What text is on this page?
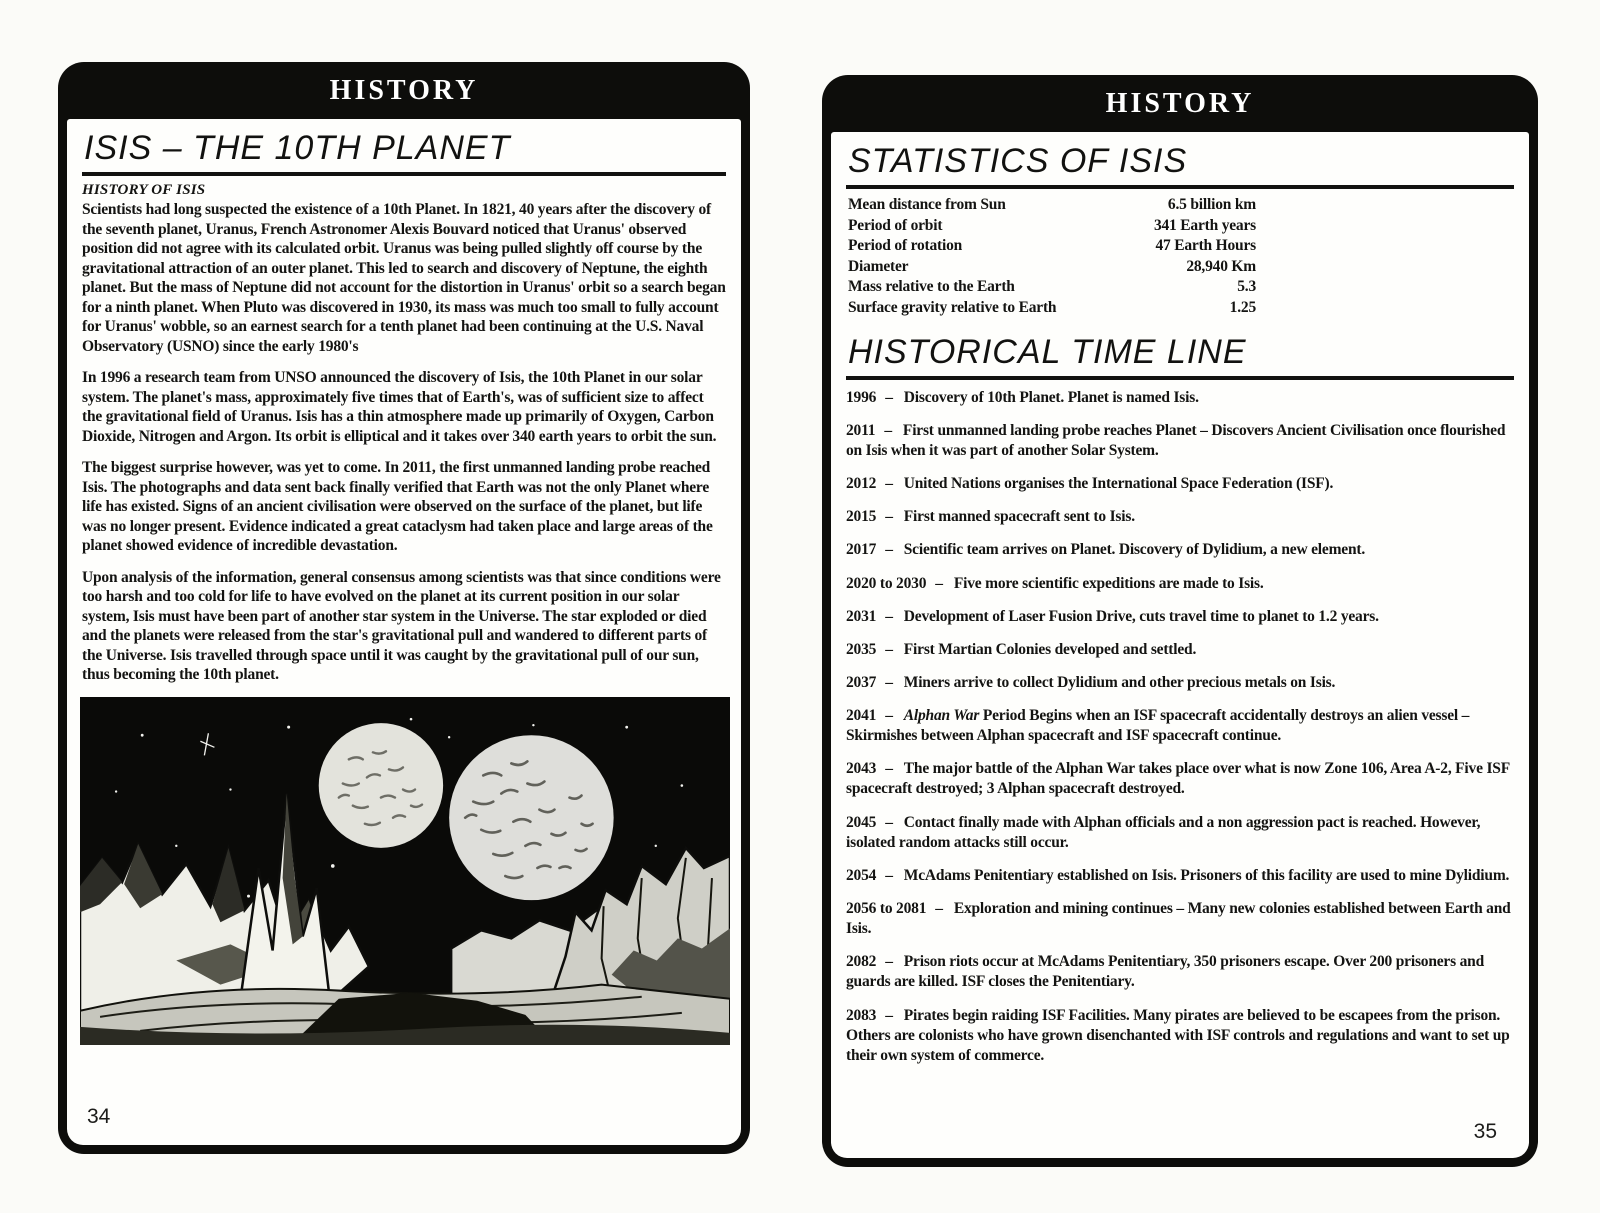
HISTORY
ISIS – THE 10TH PLANET
HISTORY OF ISIS

Scientists had long suspected the existence of a 10th Planet. In 1821, 40 years after the discovery of the seventh planet, Uranus, French Astronomer Alexis Bouvard noticed that Uranus' observed position did not agree with its calculated orbit. Uranus was being pulled slightly off course by the gravitational attraction of an outer planet. This led to search and discovery of Neptune, the eighth planet. But the mass of Neptune did not account for the distortion in Uranus' orbit so a search began for a ninth planet. When Pluto was discovered in 1930, its mass was much too small to fully account for Uranus' wobble, so an earnest search for a tenth planet had been continuing at the U.S. Naval Observatory (USNO) since the early 1980's

In 1996 a research team from UNSO announced the discovery of Isis, the 10th Planet in our solar system. The planet's mass, approximately five times that of Earth's, was of sufficient size to affect the gravitational field of Uranus. Isis has a thin atmosphere made up primarily of Oxygen, Carbon Dioxide, Nitrogen and Argon. Its orbit is elliptical and it takes over 340 earth years to orbit the sun.

The biggest surprise however, was yet to come. In 2011, the first unmanned landing probe reached Isis. The photographs and data sent back finally verified that Earth was not the only Planet where life has existed. Signs of an ancient civilisation were observed on the surface of the planet, but life was no longer present. Evidence indicated a great cataclysm had taken place and large areas of the planet showed evidence of incredible devastation.

Upon analysis of the information, general consensus among scientists was that since conditions were too harsh and too cold for life to have evolved on the planet at its current position in our solar system, Isis must have been part of another star system in the Universe. The star exploded or died and the planets were released from the star's gravitational pull and wandered to different parts of the Universe. Isis travelled through space until it was caught by the gravitational pull of our sun, thus becoming the 10th planet.

34
HISTORY
STATISTICS OF ISIS
Mean distance from Sun	6.5 billion km
Period of orbit	341 Earth years
Period of rotation	47 Earth Hours
Diameter	28,940 Km
Mass relative to the Earth	5.3
Surface gravity relative to Earth	1.25
HISTORICAL TIME LINE

1996 – Discovery of 10th Planet. Planet is named Isis.

2011 – First unmanned landing probe reaches Planet – Discovers Ancient Civilisation once flourished on Isis when it was part of another Solar System.

2012 – United Nations organises the International Space Federation (ISF).

2015 – First manned spacecraft sent to Isis.

2017 – Scientific team arrives on Planet. Discovery of Dylidium, a new element.

2020 to 2030 – Five more scientific expeditions are made to Isis.

2031 – Development of Laser Fusion Drive, cuts travel time to planet to 1.2 years.

2035 – First Martian Colonies developed and settled.

2037 – Miners arrive to collect Dylidium and other precious metals on Isis.

2041 – Alphan War Period Begins when an ISF spacecraft accidentally destroys an alien vessel – Skirmishes between Alphan spacecraft and ISF spacecraft continue.

2043 – The major battle of the Alphan War takes place over what is now Zone 106, Area A-2, Five ISF spacecraft destroyed; 3 Alphan spacecraft destroyed.

2045 – Contact finally made with Alphan officials and a non aggression pact is reached. However, isolated random attacks still occur.

2054 – McAdams Penitentiary established on Isis. Prisoners of this facility are used to mine Dylidium.

2056 to 2081 – Exploration and mining continues – Many new colonies established between Earth and Isis.

2082 – Prison riots occur at McAdams Penitentiary, 350 prisoners escape. Over 200 prisoners and guards are killed. ISF closes the Penitentiary.

2083 – Pirates begin raiding ISF Facilities. Many pirates are believed to be escapees from the prison. Others are colonists who have grown disenchanted with ISF controls and regulations and want to set up their own system of commerce.

35
